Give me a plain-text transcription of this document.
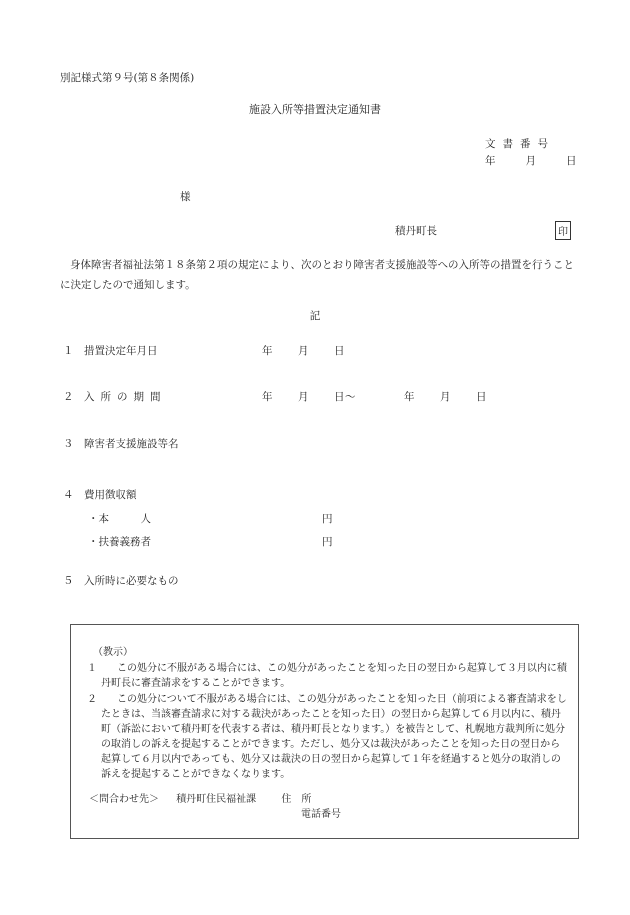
別記様式第９号(第８条関係)
施設入所等措置決定通知書
文書番号
年	月	日
様
積丹町長	印
身体障害者福祉法第１８条第２項の規定により、次のとおり障害者支援施設等への入所等の措置を行うことに決定したので通知します。
記
１ 措置決定年月日	年 月 日
２ 入所の期間	年 月 日 ～	年 月 日
３ 障害者支援施設等名
４ 費用徴収額
・本　　　人	円
・扶養義務者	円
５ 入所時に必要なもの
（教示）
１	この処分に不服がある場合には、この処分があったことを知った日の翌日から起算して３月以内に積丹町長に審査請求をすることができます。
２	この処分について不服がある場合には、この処分があったことを知った日（前項による審査請求をしたときは、当該審査請求に対する裁決があったことを知った日）の翌日から起算して６月以内に、積丹町（訴訟において積丹町を代表する者は、積丹町長となります。）を被告として、札幌地方裁判所に処分の取消しの訴えを提起することができます。ただし、処分又は裁決があったことを知った日の翌日から起算して６月以内であっても、処分又は裁決の日の翌日から起算して１年を経過すると処分の取消しの訴えを提起することができなくなります。
＜問合わせ先＞ 積丹町住民福祉課	住　所
電話番号
